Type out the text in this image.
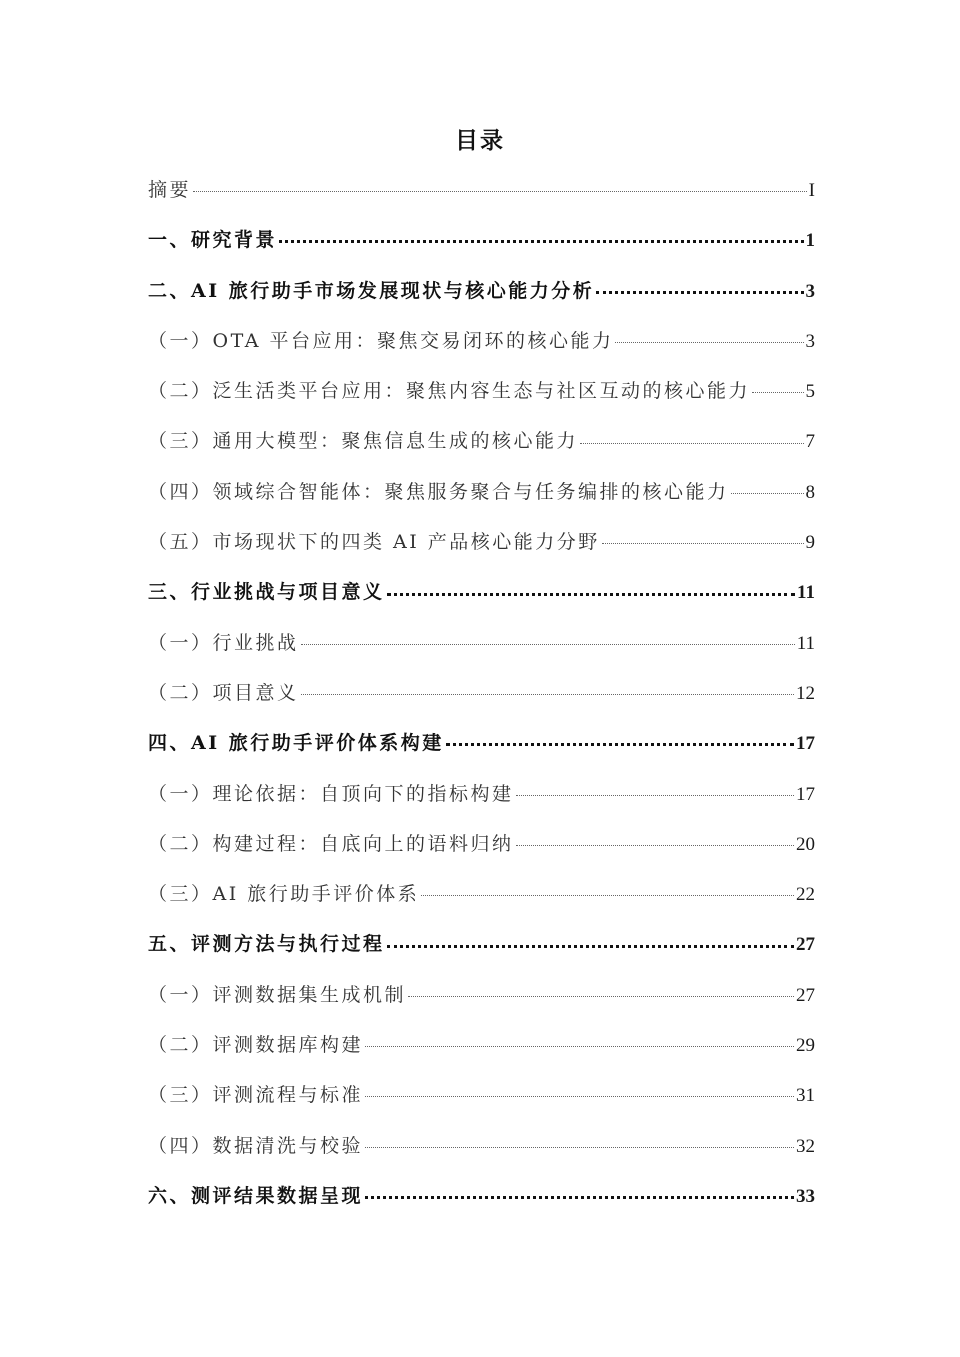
目录
摘要	I
一、研究背景	1
二、AI 旅行助手市场发展现状与核心能力分析	3
（一）OTA 平台应用：聚焦交易闭环的核心能力	3
（二）泛生活类平台应用：聚焦内容生态与社区互动的核心能力	5
（三）通用大模型：聚焦信息生成的核心能力	7
（四）领域综合智能体：聚焦服务聚合与任务编排的核心能力	8
（五）市场现状下的四类 AI 产品核心能力分野	9
三、行业挑战与项目意义	11
（一）行业挑战	11
（二）项目意义	12
四、AI 旅行助手评价体系构建	17
（一）理论依据：自顶向下的指标构建	17
（二）构建过程：自底向上的语料归纳	20
（三）AI 旅行助手评价体系	22
五、评测方法与执行过程	27
（一）评测数据集生成机制	27
（二）评测数据库构建	29
（三）评测流程与标准	31
（四）数据清洗与校验	32
六、测评结果数据呈现	33
